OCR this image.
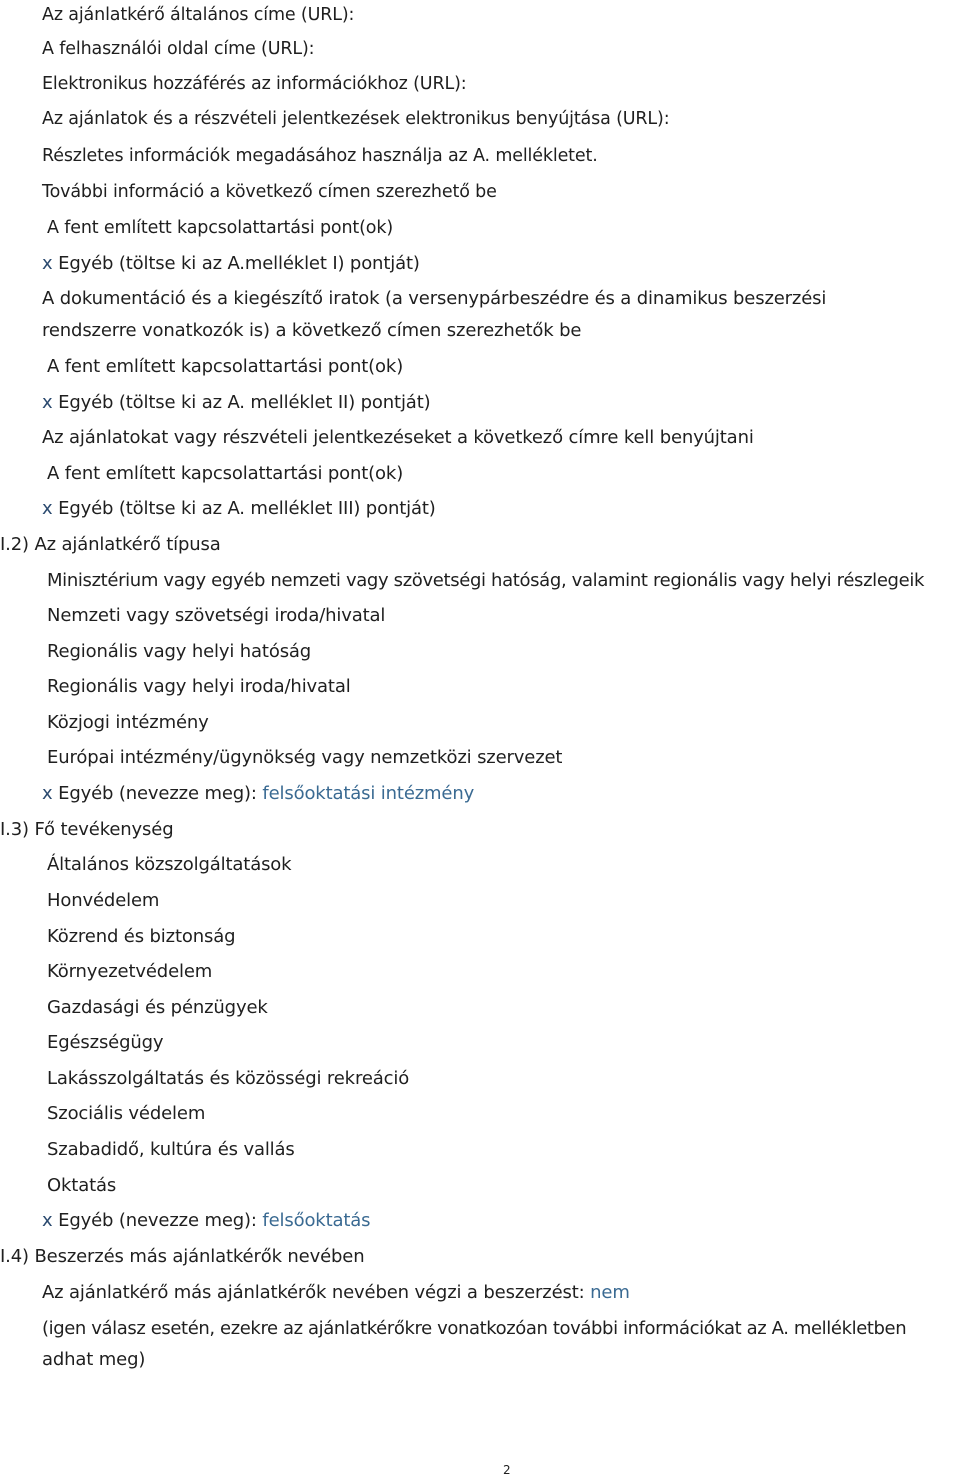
Az ajánlatkérő általános címe (URL):
A felhasználói oldal címe (URL):
Elektronikus hozzáférés az információkhoz (URL):
Az ajánlatok és a részvételi jelentkezések elektronikus benyújtása (URL):
Részletes információk megadásához használja az A. mellékletet.
További információ a következő címen szerezhető be
A fent említett kapcsolattartási pont(ok)
x Egyéb (töltse ki az A.melléklet I) pontját)
A dokumentáció és a kiegészítő iratok (a versenypárbeszédre és a dinamikus beszerzési
rendszerre vonatkozók is) a következő címen szerezhetők be
A fent említett kapcsolattartási pont(ok)
x Egyéb (töltse ki az A. melléklet II) pontját)
Az ajánlatokat vagy részvételi jelentkezéseket a következő címre kell benyújtani
A fent említett kapcsolattartási pont(ok)
x Egyéb (töltse ki az A. melléklet III) pontját)
I.2) Az ajánlatkérő típusa
Minisztérium vagy egyéb nemzeti vagy szövetségi hatóság, valamint regionális vagy helyi részlegeik
Nemzeti vagy szövetségi iroda/hivatal
Regionális vagy helyi hatóság
Regionális vagy helyi iroda/hivatal
Közjogi intézmény
Európai intézmény/ügynökség vagy nemzetközi szervezet
x Egyéb (nevezze meg): felsőoktatási intézmény
I.3) Fő tevékenység
Általános közszolgáltatások
Honvédelem
Közrend és biztonság
Környezetvédelem
Gazdasági és pénzügyek
Egészségügy
Lakásszolgáltatás és közösségi rekreáció
Szociális védelem
Szabadidő, kultúra és vallás
Oktatás
x Egyéb (nevezze meg): felsőoktatás
I.4) Beszerzés más ajánlatkérők nevében
Az ajánlatkérő más ajánlatkérők nevében végzi a beszerzést: nem
(igen válasz esetén, ezekre az ajánlatkérőkre vonatkozóan további információkat az A. mellékletben
adhat meg)
2
